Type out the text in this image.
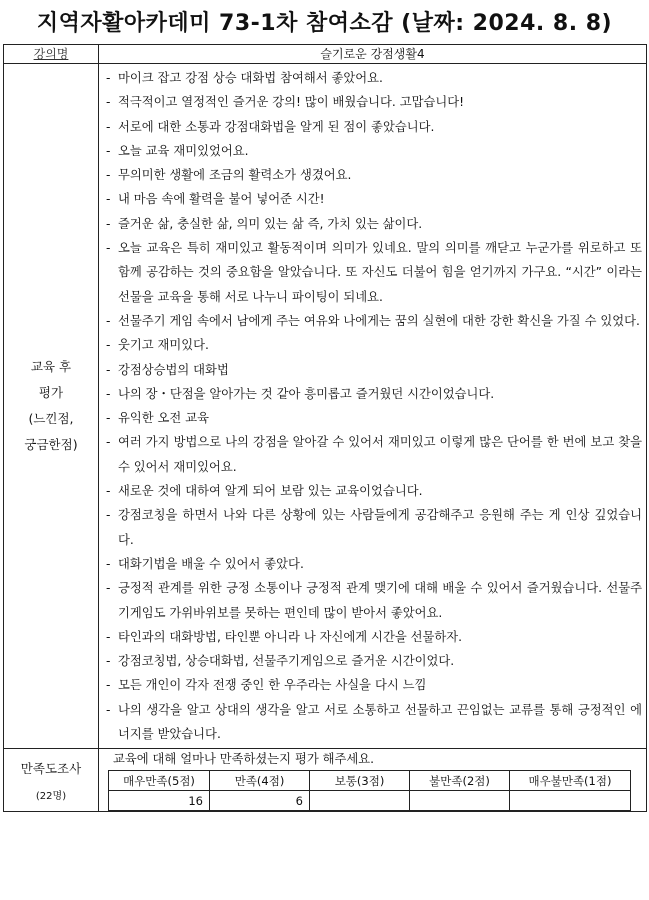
지역자활아카데미 73-1차 참여소감 (날짜: 2024. 8. 8)
강의명	슬기로운 강점생활4

교육 후
평가
(느낀점,
궁금한점)

- 마이크 잡고 강점 상승 대화법 참여해서 좋았어요.
- 적극적이고 열정적인 즐거운 강의! 많이 배웠습니다. 고맙습니다!
- 서로에 대한 소통과 강점대화법을 알게 된 점이 좋았습니다.
- 오늘 교육 재미있었어요.
- 무의미한 생활에 조금의 활력소가 생겼어요.
- 내 마음 속에 활력을 불어 넣어준 시간!
- 즐거운 삶, 충실한 삶, 의미 있는 삶 즉, 가치 있는 삶이다.
- 오늘 교육은 특히 재미있고 활동적이며 의미가 있네요. 말의 의미를 깨닫고 누군가를 위로하고 또 함께 공감하는 것의 중요함을 알았습니다. 또 자신도 더불어 힘을 얻기까지 가구요. “시간” 이라는 선물을 교육을 통해 서로 나누니 파이팅이 되네요.
- 선물주기 게임 속에서 남에게 주는 여유와 나에게는 꿈의 실현에 대한 강한 확신을 가질 수 있었다.
- 웃기고 재미있다.
- 강점상승법의 대화법
- 나의 장・단점을 알아가는 것 같아 흥미롭고 즐거웠던 시간이었습니다.
- 유익한 오전 교육
- 여러 가지 방법으로 나의 강점을 알아갈 수 있어서 재미있고 이렇게 많은 단어를 한 번에 보고 찾을 수 있어서 재미있어요.
- 새로운 것에 대하여 알게 되어 보람 있는 교육이었습니다.
- 강점코칭을 하면서 나와 다른 상황에 있는 사람들에게 공감해주고 응원해 주는 게 인상 깊었습니다.
- 대화기법을 배울 수 있어서 좋았다.
- 긍정적 관계를 위한 긍정 소통이나 긍정적 관계 맺기에 대해 배울 수 있어서 즐거웠습니다. 선물주기게임도 가위바위보를 못하는 편인데 많이 받아서 좋았어요.
- 타인과의 대화방법, 타인뿐 아니라 나 자신에게 시간을 선물하자.
- 강점코칭법, 상승대화법, 선물주기게임으로 즐거운 시간이었다.
- 모든 개인이 각자 전쟁 중인 한 우주라는 사실을 다시 느낌
- 나의 생각을 알고 상대의 생각을 알고 서로 소통하고 선물하고 끈임없는 교류를 통해 긍정적인 에너지를 받았습니다.

만족도조사
(22명)

교육에 대해 얼마나 만족하셨는지 평가 해주세요.
매우만족(5점)	만족(4점)	보통(3점)	불만족(2점)	매우불만족(1점)
16	6			
